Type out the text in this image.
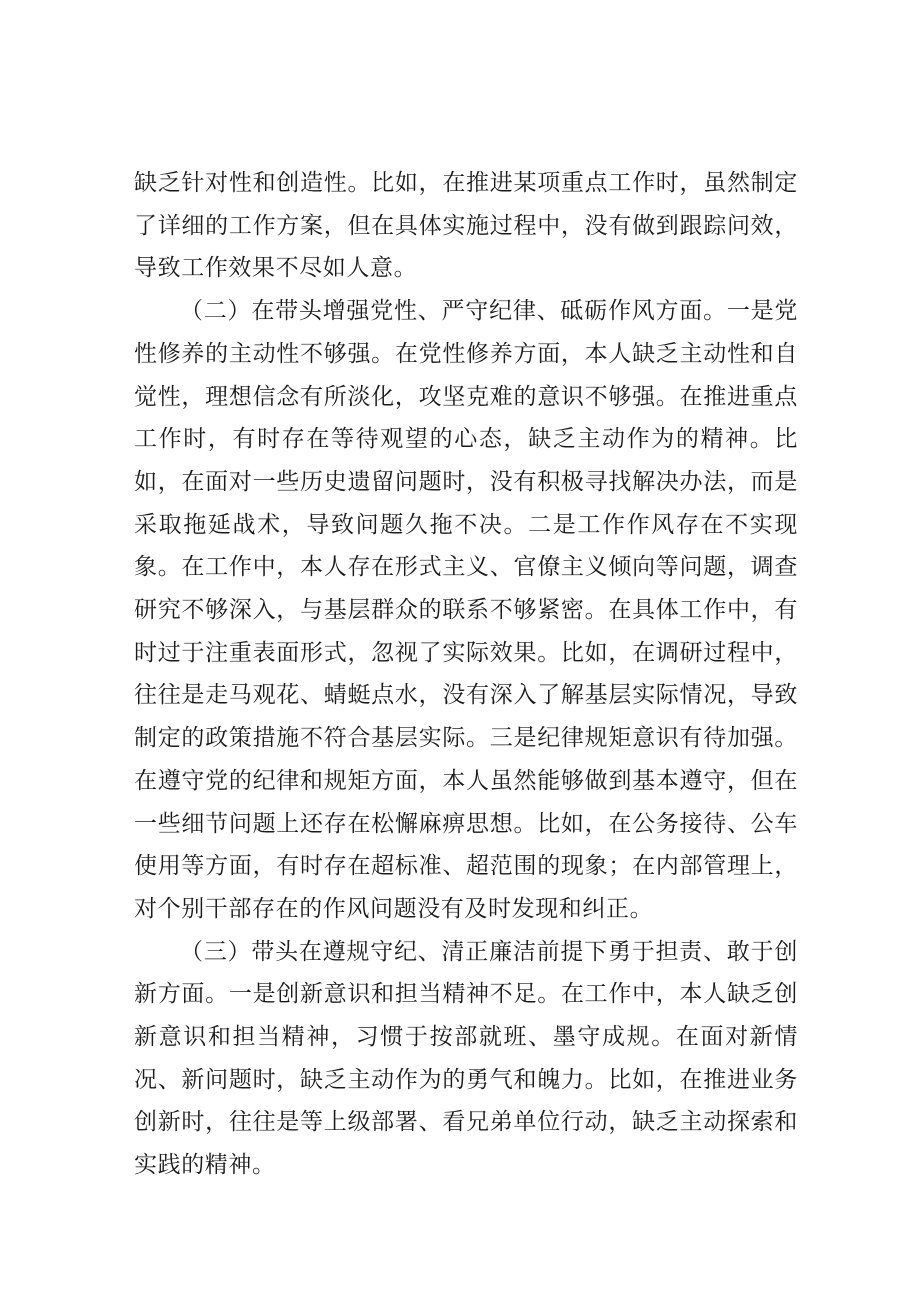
缺乏针对性和创造性。比如，在推进某项重点工作时，虽然制定了详细的工作方案，但在具体实施过程中，没有做到跟踪问效，导致工作效果不尽如人意。

（二）在带头增强党性、严守纪律、砥砺作风方面。一是党性修养的主动性不够强。在党性修养方面，本人缺乏主动性和自觉性，理想信念有所淡化，攻坚克难的意识不够强。在推进重点工作时，有时存在等待观望的心态，缺乏主动作为的精神。比如，在面对一些历史遗留问题时，没有积极寻找解决办法，而是采取拖延战术，导致问题久拖不决。二是工作作风存在不实现象。在工作中，本人存在形式主义、官僚主义倾向等问题，调查研究不够深入，与基层群众的联系不够紧密。在具体工作中，有时过于注重表面形式，忽视了实际效果。比如，在调研过程中，往往是走马观花、蜻蜓点水，没有深入了解基层实际情况，导致制定的政策措施不符合基层实际。三是纪律规矩意识有待加强。在遵守党的纪律和规矩方面，本人虽然能够做到基本遵守，但在一些细节问题上还存在松懈麻痹思想。比如，在公务接待、公车使用等方面，有时存在超标准、超范围的现象；在内部管理上，对个别干部存在的作风问题没有及时发现和纠正。

（三）带头在遵规守纪、清正廉洁前提下勇于担责、敢于创新方面。一是创新意识和担当精神不足。在工作中，本人缺乏创新意识和担当精神，习惯于按部就班、墨守成规。在面对新情况、新问题时，缺乏主动作为的勇气和魄力。比如，在推进业务创新时，往往是等上级部署、看兄弟单位行动，缺乏主动探索和实践的精神。
